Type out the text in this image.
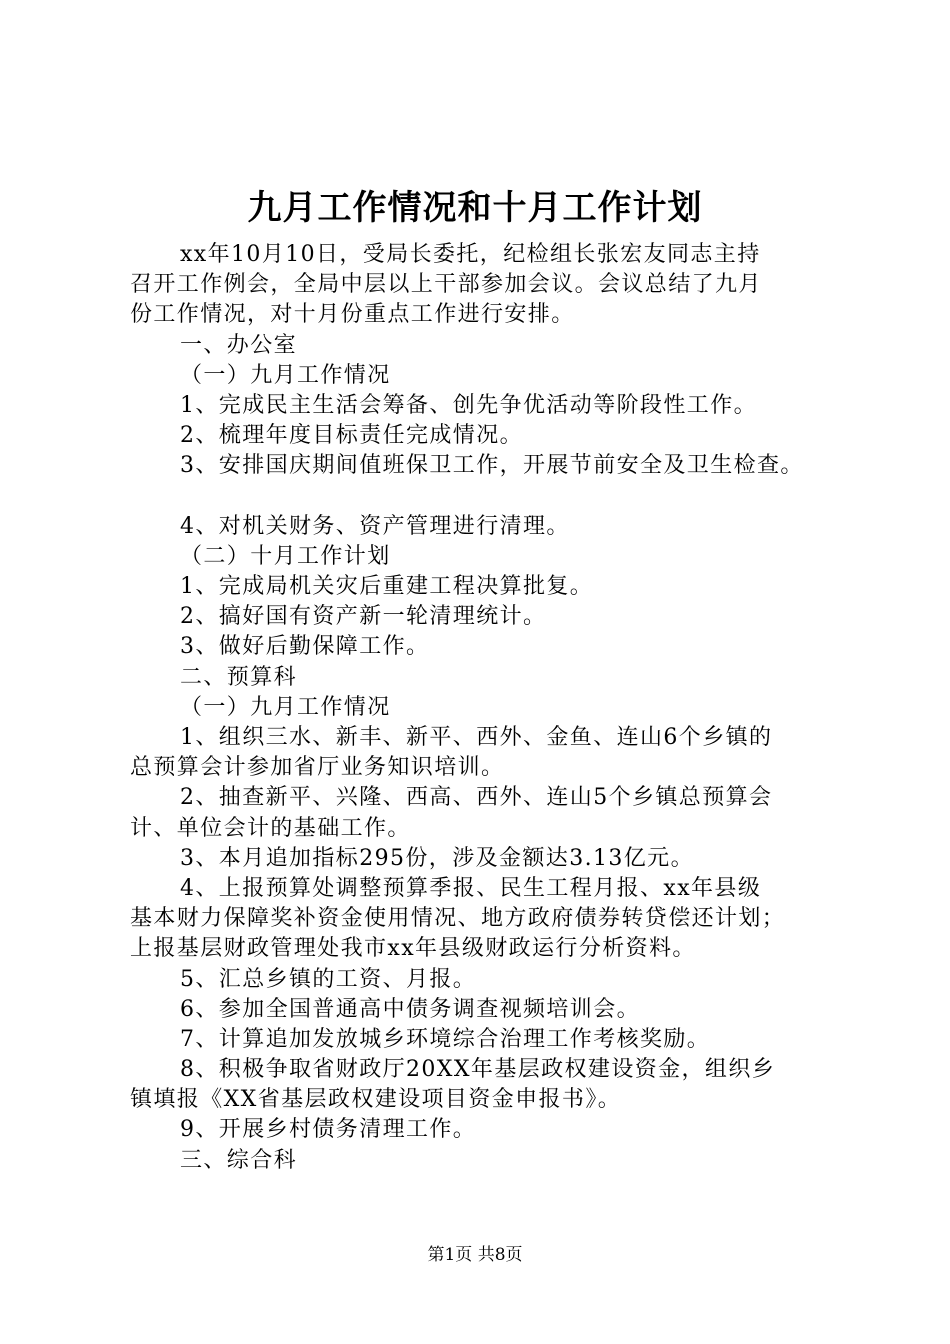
九月工作情况和十月工作计划
xx年10月10日，受局长委托，纪检组长张宏友同志主持
召开工作例会，全局中层以上干部参加会议。会议总结了九月
份工作情况，对十月份重点工作进行安排。
一、办公室
（一）九月工作情况
1、完成民主生活会筹备、创先争优活动等阶段性工作。
2、梳理年度目标责任完成情况。
3、安排国庆期间值班保卫工作，开展节前安全及卫生检查。
4、对机关财务、资产管理进行清理。
（二）十月工作计划
1、完成局机关灾后重建工程决算批复。
2、搞好国有资产新一轮清理统计。
3、做好后勤保障工作。
二、预算科
（一）九月工作情况
1、组织三水、新丰、新平、西外、金鱼、连山6个乡镇的
总预算会计参加省厅业务知识培训。
2、抽查新平、兴隆、西高、西外、连山5个乡镇总预算会
计、单位会计的基础工作。
3、本月追加指标295份，涉及金额达3.13亿元。
4、上报预算处调整预算季报、民生工程月报、xx年县级
基本财力保障奖补资金使用情况、地方政府债券转贷偿还计划；
上报基层财政管理处我市xx年县级财政运行分析资料。
5、汇总乡镇的工资、月报。
6、参加全国普通高中债务调查视频培训会。
7、计算追加发放城乡环境综合治理工作考核奖励。
8、积极争取省财政厅20XX年基层政权建设资金，组织乡
镇填报《XX省基层政权建设项目资金申报书》。
9、开展乡村债务清理工作。
三、综合科
第1页 共8页
